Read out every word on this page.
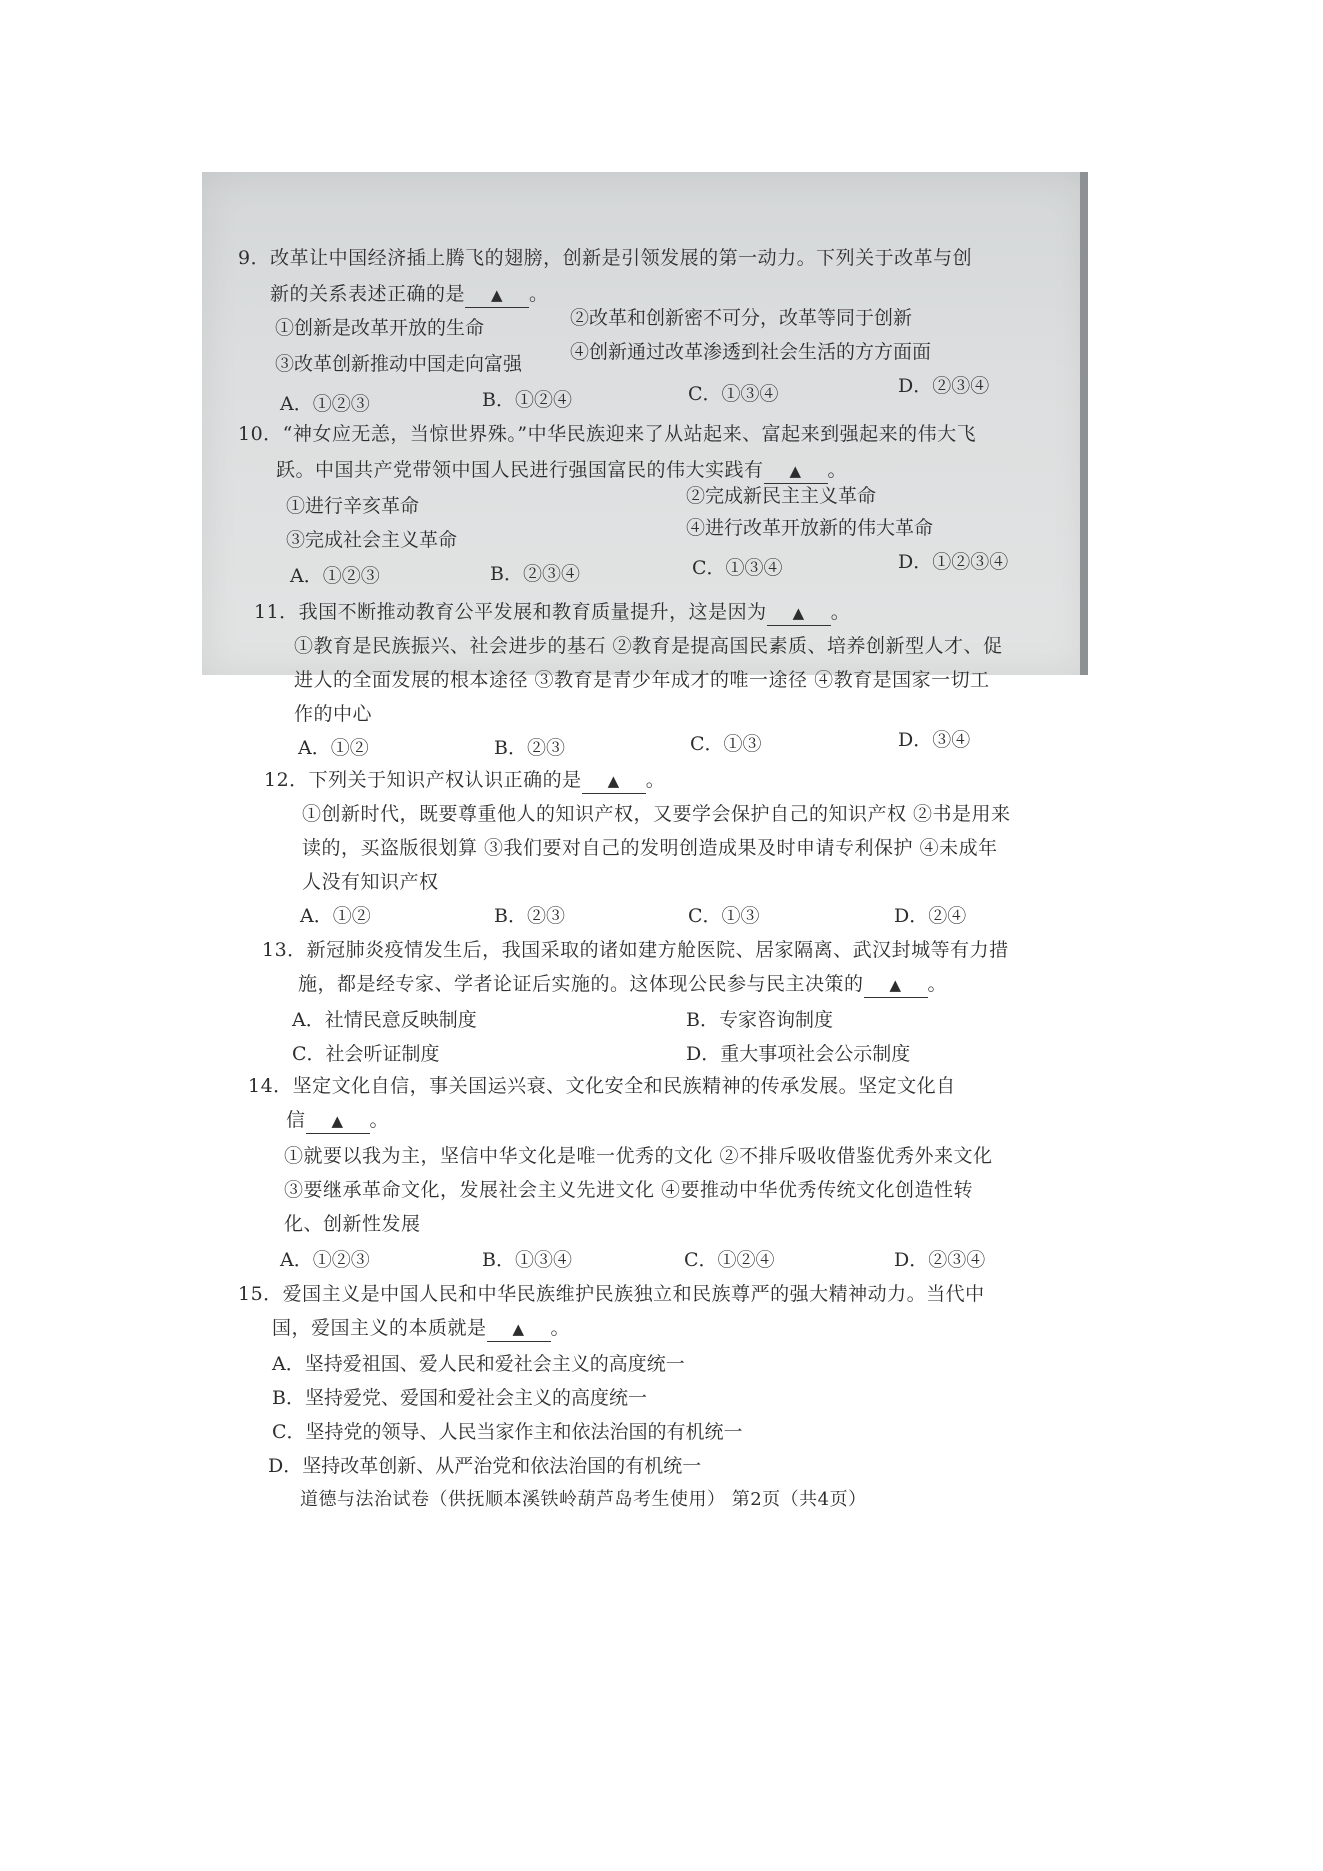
9．改革让中国经济插上腾飞的翅膀，创新是引领发展的第一动力。下列关于改革与创
新的关系表述正确的是 ▲ 。
①创新是改革开放的生命	②改革和创新密不可分，改革等同于创新
③改革创新推动中国走向富强
④创新通过改革渗透到社会生活的方方面面
A．①②③	B．①②④	C．①③④	D．②③④
10．“神女应无恙，当惊世界殊。”中华民族迎来了从站起来、富起来到强起来的伟大飞
跃。中国共产党带领中国人民进行强国富民的伟大实践有 ▲ 。
①进行辛亥革命	②完成新民主主义革命
③完成社会主义革命
④进行改革开放新的伟大革命
A．①②③	B．②③④	C．①③④	D．①②③④
11．我国不断推动教育公平发展和教育质量提升，这是因为 ▲ 。
①教育是民族振兴、社会进步的基石 ②教育是提高国民素质、培养创新型人才、促
进人的全面发展的根本途径 ③教育是青少年成才的唯一途径 ④教育是国家一切工
作的中心
A．①②	B．②③	C．①③	D．③④
12．下列关于知识产权认识正确的是 ▲ 。
①创新时代，既要尊重他人的知识产权，又要学会保护自己的知识产权 ②书是用来
读的，买盗版很划算 ③我们要对自己的发明创造成果及时申请专利保护 ④未成年
人没有知识产权
A．①②	B．②③	C．①③	D．②④
13．新冠肺炎疫情发生后，我国采取的诸如建方舱医院、居家隔离、武汉封城等有力措
施，都是经专家、学者论证后实施的。这体现公民参与民主决策的 ▲ 。
A．社情民意反映制度	B．专家咨询制度
C．社会听证制度	D．重大事项社会公示制度
14．坚定文化自信，事关国运兴衰、文化安全和民族精神的传承发展。坚定文化自
信 ▲ 。
①就要以我为主，坚信中华文化是唯一优秀的文化 ②不排斥吸收借鉴优秀外来文化
③要继承革命文化，发展社会主义先进文化 ④要推动中华优秀传统文化创造性转
化、创新性发展
A．①②③	B．①③④	C．①②④	D．②③④
15．爱国主义是中国人民和中华民族维护民族独立和民族尊严的强大精神动力。当代中
国，爱国主义的本质就是 ▲ 。
A．坚持爱祖国、爱人民和爱社会主义的高度统一
B．坚持爱党、爱国和爱社会主义的高度统一
C．坚持党的领导、人民当家作主和依法治国的有机统一
D．坚持改革创新、从严治党和依法治国的有机统一
道德与法治试卷（供抚顺本溪铁岭葫芦岛考生使用） 第2页（共4页）
